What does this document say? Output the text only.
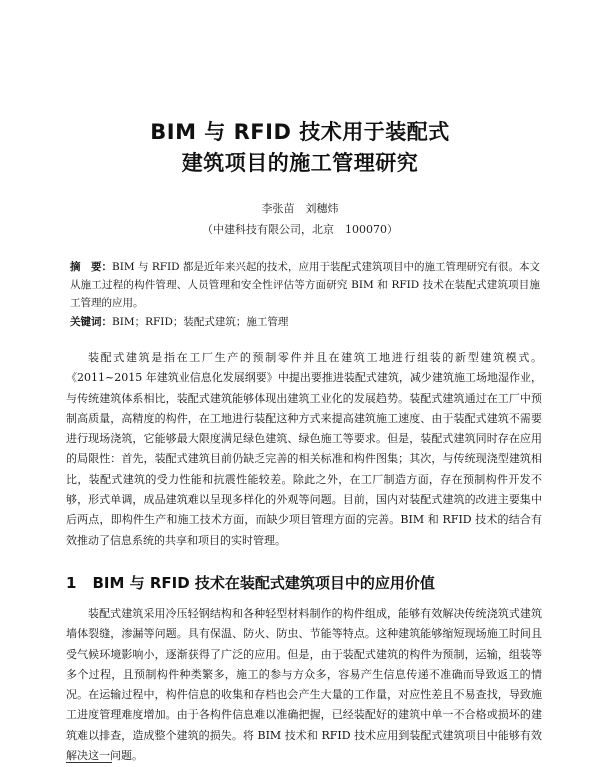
BIM 与 RFID 技术用于装配式
建筑项目的施工管理研究
李张苗　刘穗炜
（中建科技有限公司，北京　100070）
摘　要：BIM 与 RFID 都是近年来兴起的技术，应用于装配式建筑项目中的施工管理研究有很。本文从施工过程的构件管理、人员管理和安全性评估等方面研究 BIM 和 RFID 技术在装配式建筑项目施工管理的应用。
关键词：BIM；RFID；装配式建筑；施工管理
装配式建筑是指在工厂生产的预制零件并且在建筑工地进行组装的新型建筑模式。《2011~2015 年建筑业信息化发展纲要》中提出要推进装配式建筑，减少建筑施工场地湿作业，与传统建筑体系相比，装配式建筑能够体现出建筑工业化的发展趋势。装配式建筑通过在工厂中预制高质量，高精度的构件，在工地进行装配这种方式来提高建筑施工速度、由于装配式建筑不需要进行现场浇筑，它能够最大限度满足绿色建筑、绿色施工等要求。但是，装配式建筑同时存在应用的局限性：首先，装配式建筑目前仍缺乏完善的相关标准和构件图集；其次，与传统现浇型建筑相比，装配式建筑的受力性能和抗震性能较差。除此之外，在工厂制造方面，存在预制构件开发不够，形式单调，成品建筑难以呈现多样化的外观等问题。目前，国内对装配式建筑的改进主要集中后两点，即构件生产和施工技术方面，而缺少项目管理方面的完善。BIM 和 RFID 技术的结合有效推动了信息系统的共享和项目的实时管理。
1 BIM 与 RFID 技术在装配式建筑项目中的应用价值
装配式建筑采用冷压轻钢结构和各种轻型材料制作的构件组成，能够有效解决传统浇筑式建筑墙体裂缝，渗漏等问题。具有保温、防火、防虫、节能等特点。这种建筑能够缩短现场施工时间且受气候环境影响小，逐渐获得了广泛的应用。但是，由于装配式建筑的构件为预制，运输，组装等多个过程，且预制构件种类繁多，施工的参与方众多，容易产生信息传递不准确而导致返工的情况。在运输过程中，构件信息的收集和存档也会产生大量的工作量，对应性差且不易查找，导致施工进度管理难度增加。由于各构件信息难以准确把握，已经装配好的建筑中单一不合格或损坏的建筑难以排查，造成整个建筑的损失。将 BIM 技术和 RFID 技术应用到装配式建筑项目中能够有效解决这一问题。
